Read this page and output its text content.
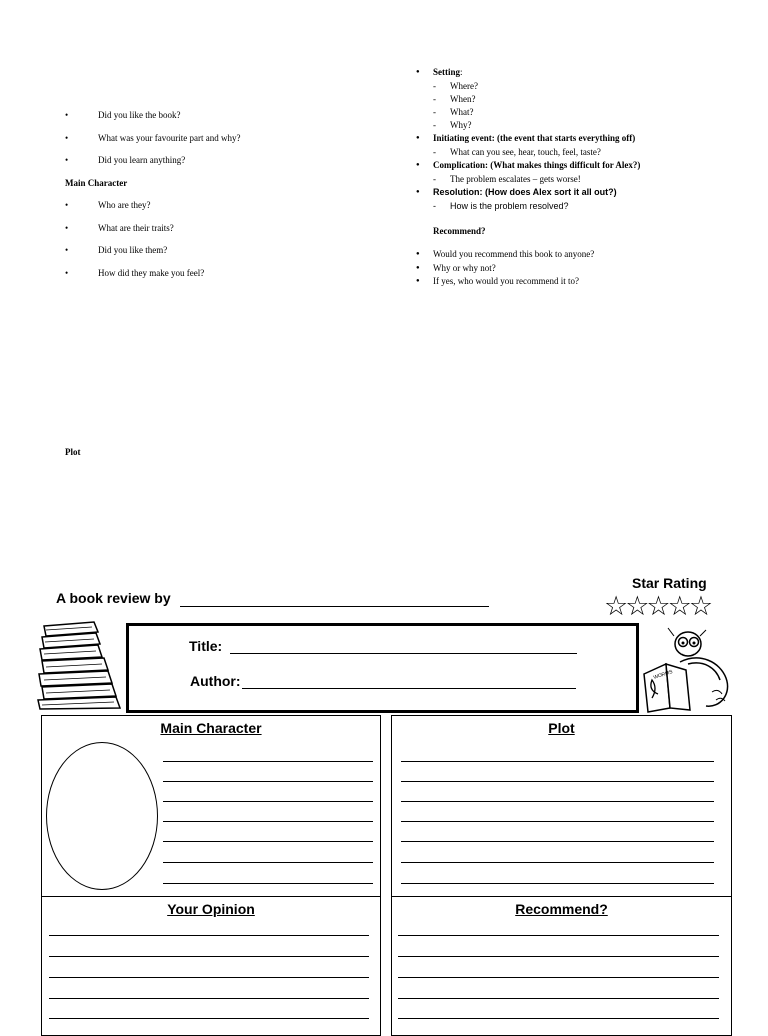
• Did you like the book?
• What was your favourite part and why?
• Did you learn anything?
Main Character
• Who are they?
• What are their traits?
• Did you like them?
• How did they make you feel?
Plot
● Setting:
- Where?
- When?
- What?
- Why?
● Initiating event: (the event that starts everything off)
- What can you see, hear, touch, feel, taste?
● Complication: (What makes things difficult for Alex?)
- The problem escalates – gets worse!
● Resolution: (How does Alex sort it all out?)
- How is the problem resolved?
Recommend?
● Would you recommend this book to anyone?
● Why or why not?
● If yes, who would you recommend it to?
A book review by
Star Rating
☆☆☆☆☆
Title:
Author:	WORMS
Main Character	Plot
Your Opinion	Recommend?
